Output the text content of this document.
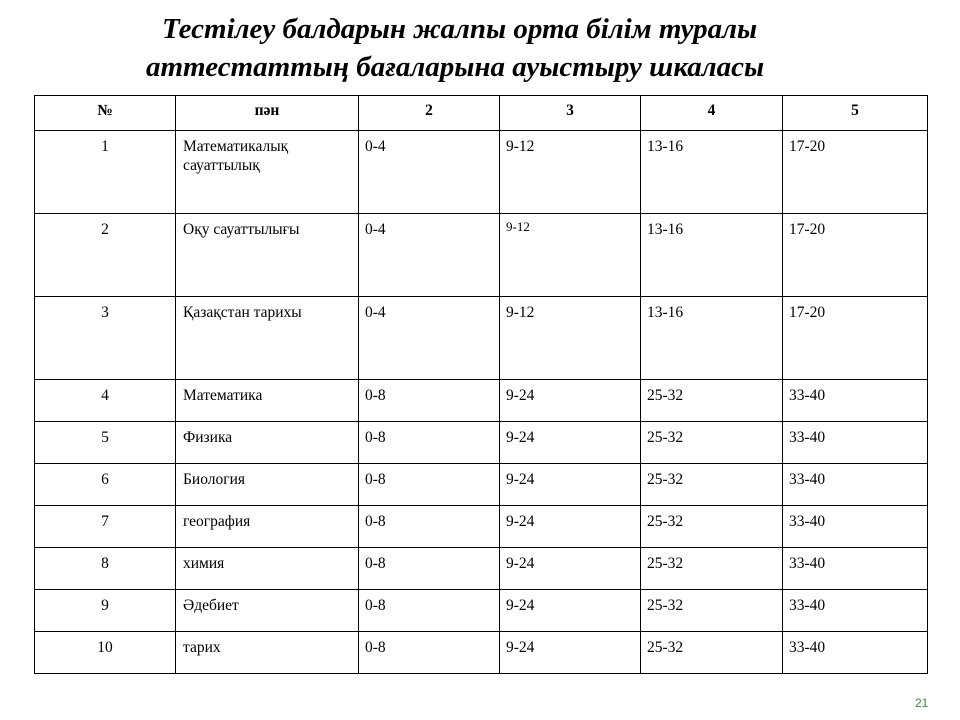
Тестілеу балдарын жалпы орта білім туралы
аттестаттың бағаларына ауыстыру шкаласы
№	пән	2	3	4	5
1	Математикалық сауаттылық	0-4	9-12	13-16	17-20
2	Оқу сауаттылығы	0-4	9-12	13-16	17-20
3	Қазақстан тарихы	0-4	9-12	13-16	17-20
4	Математика	0-8	9-24	25-32	33-40
5	Физика	0-8	9-24	25-32	33-40
6	Биология	0-8	9-24	25-32	33-40
7	география	0-8	9-24	25-32	33-40
8	химия	0-8	9-24	25-32	33-40
9	Әдебиет	0-8	9-24	25-32	33-40
10	тарих	0-8	9-24	25-32	33-40
21
